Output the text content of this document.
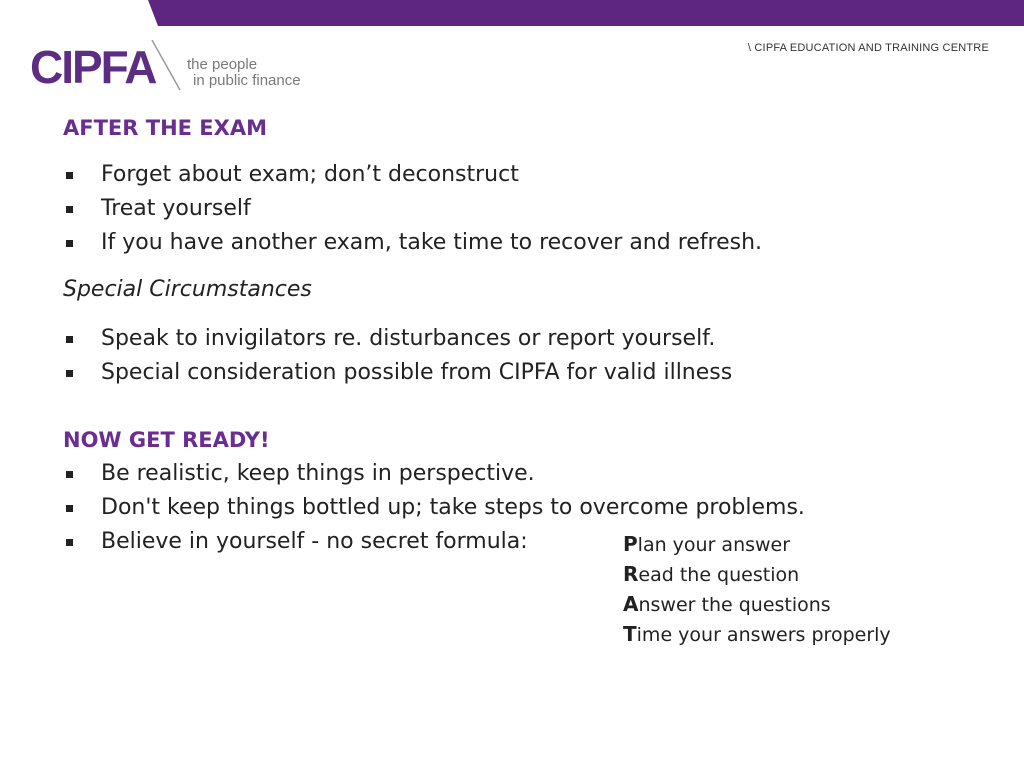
CIPFA the people
in public finance
\ CIPFA EDUCATION AND TRAINING CENTRE
AFTER THE EXAM
Forget about exam; don’t deconstruct
Treat yourself
If you have another exam, take time to recover and refresh.
Special Circumstances
Speak to invigilators re. disturbances or report yourself.
Special consideration possible from CIPFA for valid illness
NOW GET READY!
Be realistic, keep things in perspective.
Don't keep things bottled up; take steps to overcome problems.
Believe in yourself - no secret formula:	Plan your answer
Read the question
Answer the questions
Time your answers properly
